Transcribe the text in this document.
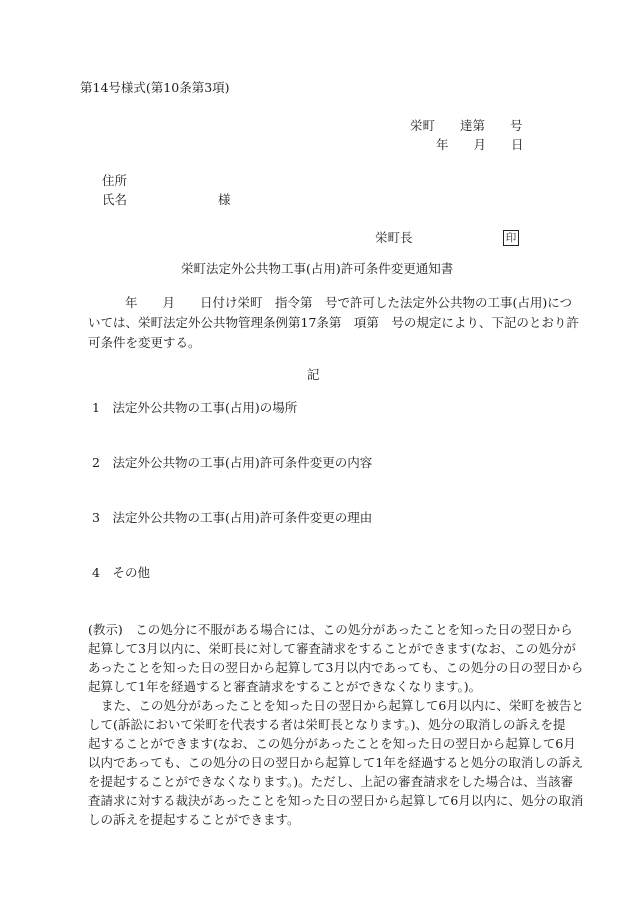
第14号様式(第10条第3項)
栄町　　達第　　号
年　　月　　日
住所
氏名	様
栄町長	印
栄町法定外公共物工事(占用)許可条件変更通知書
年　　月　　日付け栄町　指令第　号で許可した法定外公共物の工事(占用)につ
いては、栄町法定外公共物管理条例第17条第　項第　号の規定により、下記のとおり許
可条件を変更する。
記
1　法定外公共物の工事(占用)の場所
2　法定外公共物の工事(占用)許可条件変更の内容
3　法定外公共物の工事(占用)許可条件変更の理由
4　その他
(教示)　この処分に不服がある場合には、この処分があったことを知った日の翌日から
起算して3月以内に、栄町長に対して審査請求をすることができます(なお、この処分が
あったことを知った日の翌日から起算して3月以内であっても、この処分の日の翌日から
起算して1年を経過すると審査請求をすることができなくなります。)。
また、この処分があったことを知った日の翌日から起算して6月以内に、栄町を被告と
して(訴訟において栄町を代表する者は栄町長となります。)、処分の取消しの訴えを提
起することができます(なお、この処分があったことを知った日の翌日から起算して6月
以内であっても、この処分の日の翌日から起算して1年を経過すると処分の取消しの訴え
を提起することができなくなります。)。ただし、上記の審査請求をした場合は、当該審
査請求に対する裁決があったことを知った日の翌日から起算して6月以内に、処分の取消
しの訴えを提起することができます。
